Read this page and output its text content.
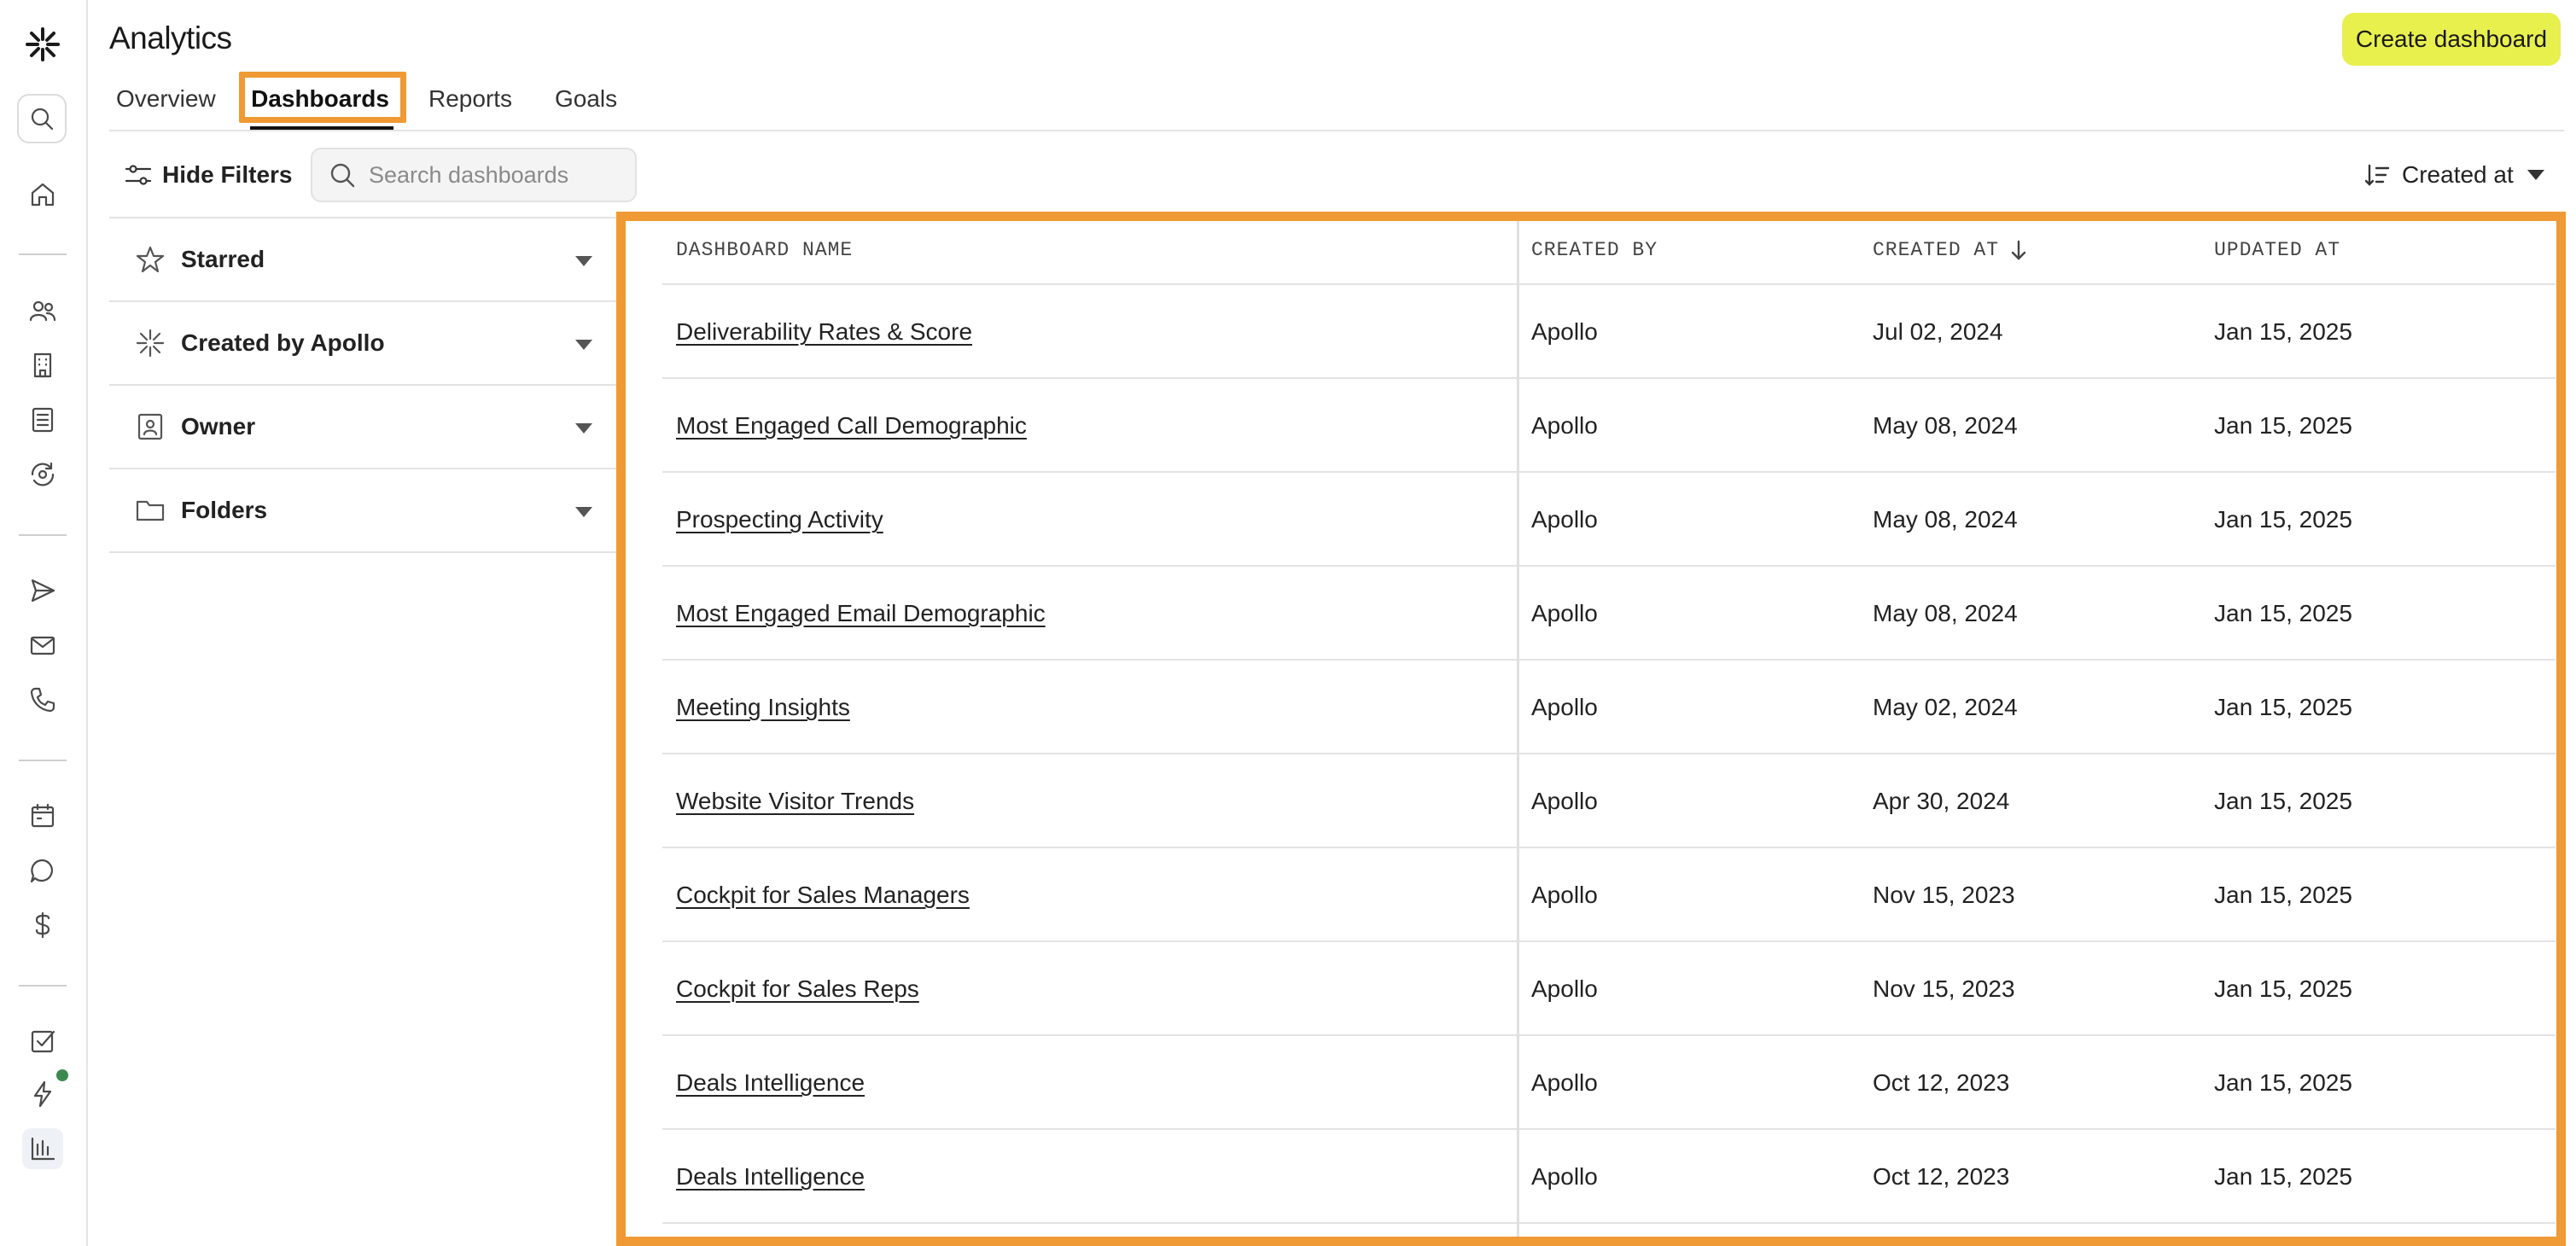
Analytics	Create dashboard
Overview	Dashboards	Reports	Goals
Hide Filters
Search dashboards	Created at
Starred
Created by Apollo
Owner
Folders
DASHBOARD NAME	CREATED BY	CREATED AT	UPDATED AT
Deliverability Rates & Score	Apollo	Jul 02, 2024	Jan 15, 2025
Most Engaged Call Demographic	Apollo	May 08, 2024	Jan 15, 2025
Prospecting Activity	Apollo	May 08, 2024	Jan 15, 2025
Most Engaged Email Demographic	Apollo	May 08, 2024	Jan 15, 2025
Meeting Insights	Apollo	May 02, 2024	Jan 15, 2025
Website Visitor Trends	Apollo	Apr 30, 2024	Jan 15, 2025
Cockpit for Sales Managers	Apollo	Nov 15, 2023	Jan 15, 2025
Cockpit for Sales Reps	Apollo	Nov 15, 2023	Jan 15, 2025
Deals Intelligence	Apollo	Oct 12, 2023	Jan 15, 2025
Deals Intelligence	Apollo	Oct 12, 2023	Jan 15, 2025
